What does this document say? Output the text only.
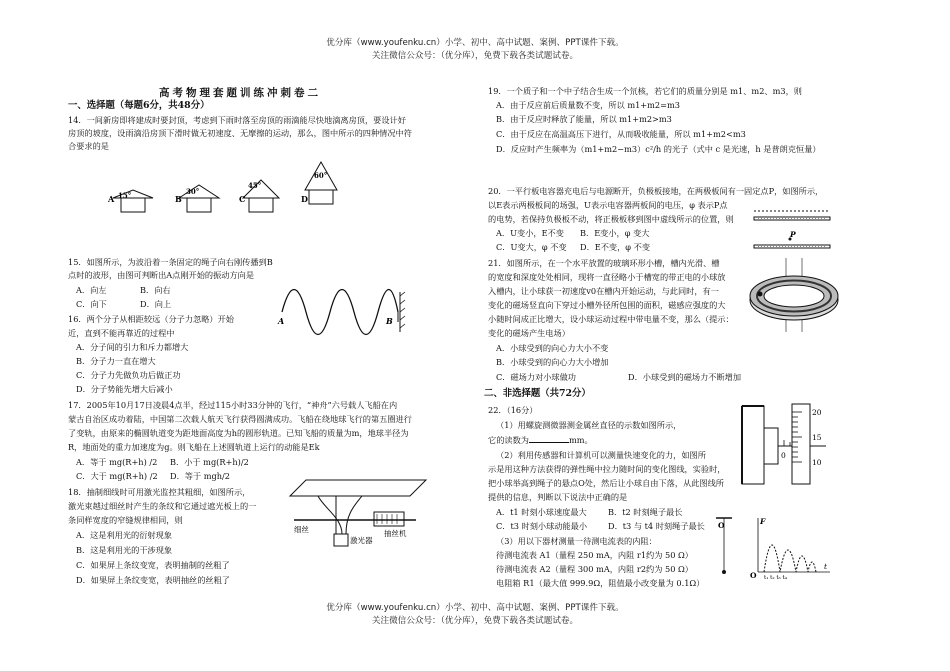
优分库（www.youfenku.cn）小学、初中、高中试题、案例、PPT课件下载。
关注微信公众号：（优分库），免费下载各类试题试卷。
高考物理套题训练冲刺卷二
一、选择题（每题6分，共48分）
14．一间新房即将建成时要封顶，考虑到下雨时落至房顶的雨滴能尽快地滴离房顶，要设计好
房顶的坡度，设雨滴沿房顶下滑时做无初速度、无摩擦的运动，那么，图中所示的四种情况中符
合要求的是
A 15°	B
30°
C
45°
D
60°
15．如图所示，为波沿着一条固定的绳子向右刚传播到B
点时的波形，由图可判断出A点刚开始的振动方向是
A．向左	B．向右
C．向下	D．向上
A	B
16．两个分子从相距较远（分子力忽略）开始
近，直到不能再靠近的过程中
A．分子间的引力和斥力都增大
B．分子力一直在增大
C．分子力先做负功后做正功
D．分子势能先增大后减小
17．2005年10月17日凌晨4点半，经过115小时33分钟的飞行，“神舟”六号载人飞船在内
蒙古自治区成功着陆，中国第二次载人航天飞行获得圆满成功。飞船在绕地球飞行的第五圈进行
了变轨，由原来的椭圆轨道变为距地面高度为h的圆形轨道。已知飞船的质量为m，地球半径为
R，地面处的重力加速度为g。则飞船在上述圆轨道上运行的动能是Ek
A．等于 mg(R+h) /2 B．小于 mg(R+h)/2
C．大于 mg(R+h) /2 D．等于 mgh/2
18．抽制细线时可用激光监控其粗细，如图所示，
激光束越过细丝时产生的条纹和它通过遮光板上的一
条同样宽度的窄缝规律相同，则
A．这是利用光的衍射现象
B．这是利用光的干涉现象
C．如果屏上条纹变宽，表明抽制的丝粗了
D．如果屏上条纹变宽，表明抽丝的丝粗了
细丝
激光器
抽丝机
19．一个质子和一个中子结合生成一个氘核，若它们的质量分别是 m1、m2、m3，则
A．由于反应前后质量数不变，所以 m1+m2=m3
B．由于反应时释放了能量，所以 m1+m2>m3
C．由于反应在高温高压下进行，从而吸收能量，所以 m1+m2<m3
D．反应时产生频率为（m1+m2−m3）c²/h 的光子（式中 c 是光速，h 是普朗克恒量）
20．一平行板电容器充电后与电源断开，负极板接地，在两极板间有一固定点P，如图所示，
以E表示两极板间的场强，U表示电容器两板间的电压，φ 表示P点
的电势，若保持负极板不动，将正极板移到图中虚线所示的位置，则
A．U变小，E不变 B．E变小，φ 变大
C．U变大，φ 不变 D．E不变，φ 不变
P
21．如图所示，在一个水平放置的玻璃环形小槽，槽内光滑、槽
的宽度和深度处处相同，现将一直径略小于槽宽的带正电的小球放
入槽内，让小球获一初速度v0在槽内开始运动，与此同时，有一
变化的磁场竖直向下穿过小槽外径所包围的面积，磁感应强度的大
小随时间成正比增大，设小球运动过程中带电量不变，那么（提示：
变化的磁场产生电场）
A．小球受到的向心力大小不变
B．小球受到的向心力大小增加
C．磁场力对小球做功	D．小球受到的磁场力不断增加
二、非选择题（共72分）
22．（16分）
（1）用螺旋测微器测金属丝直径的示数如图所示，
它的读数为	mm。
（2）利用传感器和计算机可以测量快速变化的力，如图所
示是用这种方法获得的弹性绳中拉力随时间的变化图线，实验时，
把小球举高到绳子的悬点O处，然后让小球自由下落，从此图线所
提供的信息，判断以下说法中正确的是
A．t1 时刻小球速度最大	B．t2 时刻绳子最长
C．t3 时刻小球动能最小	D．t3 与 t4 时刻绳子最长
（3）用以下器材测量一待测电流表的内阻：
待测电流表 A1（量程 250 mA，内阻 r1约为 50 Ω）
待测电流表 A2（量程 300 mA，内阻 r2约为 50 Ω）
电阻箱 R1（最大值 999.9Ω，阻值最小改变量为 0.1Ω）
20
15
10
0
O	F
O
t
t₁ t₂ t₃ t₄
优分库（www.youfenku.cn）小学、初中、高中试题、案例、PPT课件下载。
关注微信公众号：（优分库），免费下载各类试题试卷。
